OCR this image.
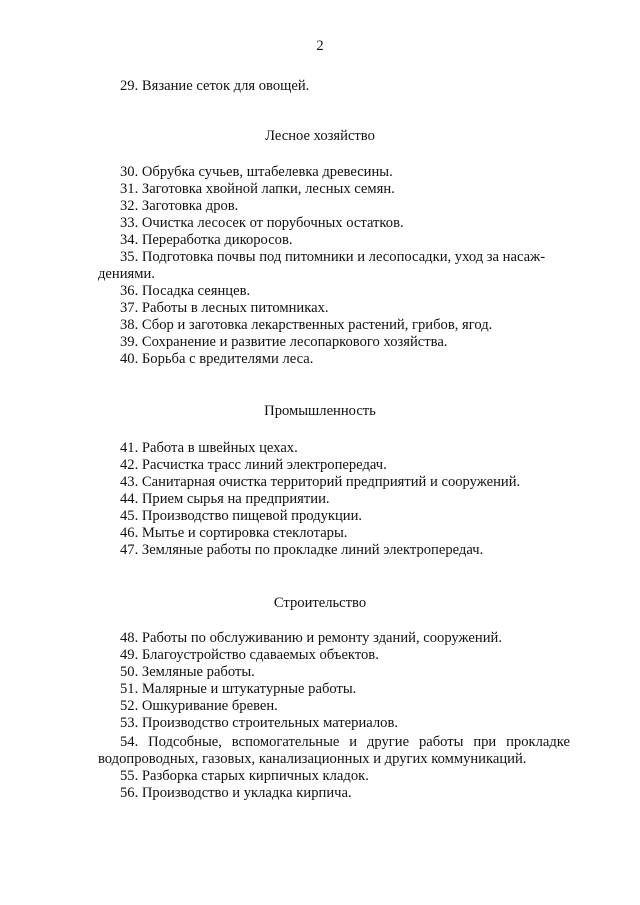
2
29. Вязание сеток для овощей.
Лесное хозяйство
30. Обрубка сучьев, штабелевка древесины.
31. Заготовка хвойной лапки, лесных семян.
32. Заготовка дров.
33. Очистка лесосек от порубочных остатков.
34. Переработка дикоросов.
35. Подготовка почвы под питомники и лесопосадки, уход за насаж-
дениями.
36. Посадка сеянцев.
37. Работы в лесных питомниках.
38. Сбор и заготовка лекарственных растений, грибов, ягод.
39. Сохранение и развитие лесопаркового хозяйства.
40. Борьба с вредителями леса.
Промышленность
41. Работа в швейных цехах.
42. Расчистка трасс линий электропередач.
43. Санитарная очистка территорий предприятий и сооружений.
44. Прием сырья на предприятии.
45. Производство пищевой продукции.
46. Мытье и сортировка стеклотары.
47. Земляные работы по прокладке линий электропередач.
Строительство
48. Работы по обслуживанию и ремонту зданий, сооружений.
49. Благоустройство сдаваемых объектов.
50. Земляные работы.
51. Малярные и штукатурные работы.
52. Ошкуривание бревен.
53. Производство строительных материалов.
54. Подсобные, вспомогательные и другие работы при прокладке
водопроводных, газовых, канализационных и других коммуникаций.
55. Разборка старых кирпичных кладок.
56. Производство и укладка кирпича.
